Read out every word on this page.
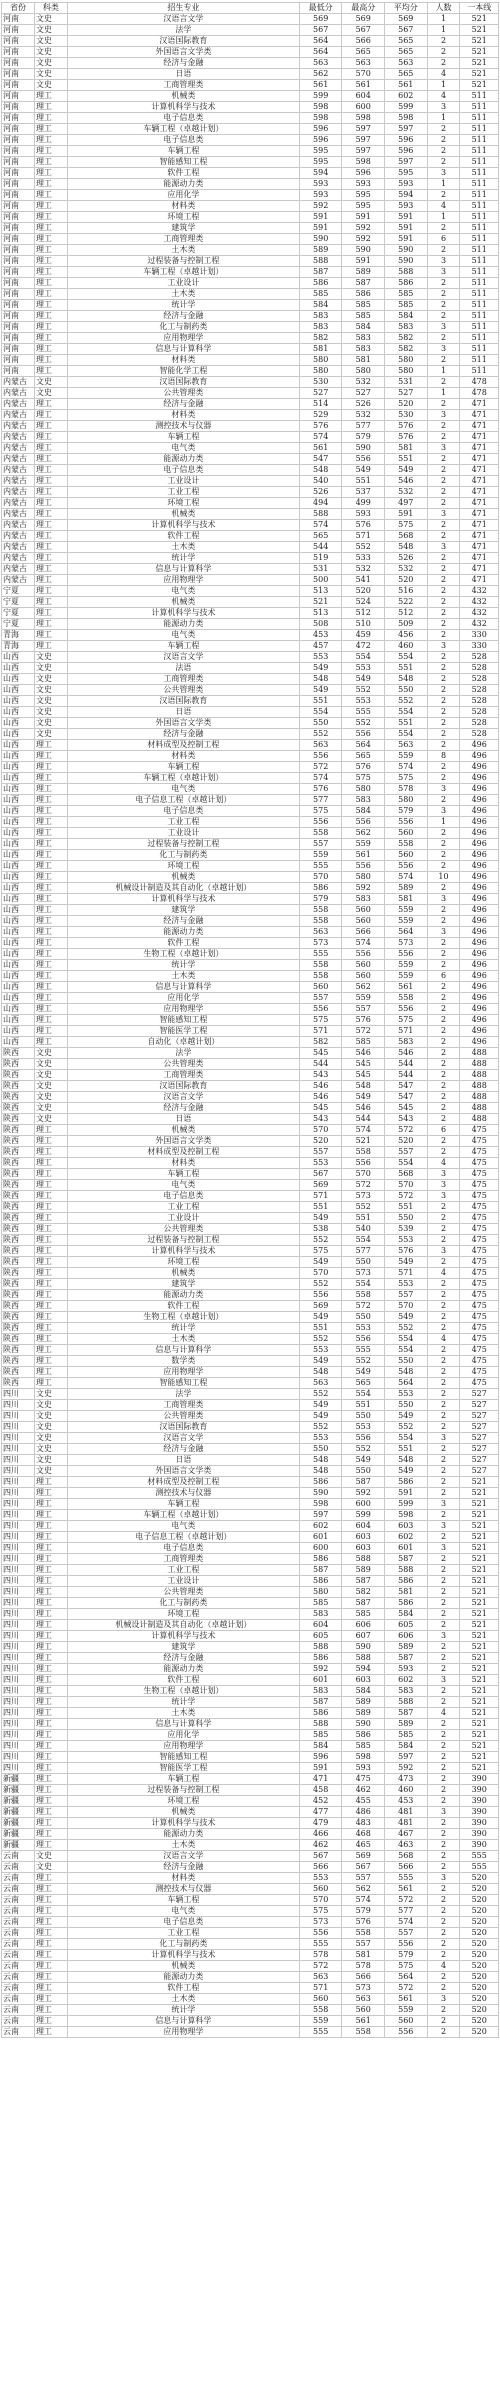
省份	科类	招生专业	最低分	最高分	平均分	人数	一本线
河南	文史	汉语言文学	569	569	569	1	521
河南	文史	法学	567	567	567	1	521
河南	文史	汉语国际教育	564	566	565	2	521
河南	文史	外国语言文学类	564	565	565	2	521
河南	文史	经济与金融	563	563	563	2	521
河南	文史	日语	562	570	565	4	521
河南	文史	工商管理类	561	561	561	1	521
河南	理工	机械类	599	604	602	4	511
河南	理工	计算机科学与技术	598	600	599	3	511
河南	理工	电子信息类	598	598	598	1	511
河南	理工	车辆工程（卓越计划）	596	597	597	2	511
河南	理工	电子信息类	596	597	596	2	511
河南	理工	车辆工程	595	597	596	2	511
河南	理工	智能感知工程	595	598	597	2	511
河南	理工	软件工程	594	596	595	3	511
河南	理工	能源动力类	593	593	593	1	511
河南	理工	应用化学	593	595	594	2	511
河南	理工	材料类	592	595	593	4	511
河南	理工	环境工程	591	591	591	1	511
河南	理工	建筑学	591	592	591	2	511
河南	理工	工商管理类	590	592	591	6	511
河南	理工	土木类	589	590	590	2	511
河南	理工	过程装备与控制工程	588	591	590	3	511
河南	理工	车辆工程（卓越计划）	587	589	588	3	511
河南	理工	工业设计	586	587	586	2	511
河南	理工	土木类	585	586	585	2	511
河南	理工	统计学	584	585	585	2	511
河南	理工	经济与金融	583	585	584	2	511
河南	理工	化工与制药类	583	584	583	3	511
河南	理工	应用物理学	582	583	582	2	511
河南	理工	信息与计算科学	581	583	582	3	511
河南	理工	材料类	580	581	580	2	511
河南	理工	智能化学工程	580	580	580	1	511
内蒙古	文史	汉语国际教育	530	532	531	2	478
内蒙古	文史	公共管理类	527	527	527	1	478
内蒙古	理工	经济与金融	514	526	520	2	471
内蒙古	理工	材料类	529	532	530	3	471
内蒙古	理工	测控技术与仪器	576	577	576	2	471
内蒙古	理工	车辆工程	574	579	576	2	471
内蒙古	理工	电气类	561	590	581	3	471
内蒙古	理工	能源动力类	547	556	551	2	471
内蒙古	理工	电子信息类	548	549	549	2	471
内蒙古	理工	工业设计	540	551	546	2	471
内蒙古	理工	工业工程	526	537	532	2	471
内蒙古	理工	环境工程	494	499	497	2	471
内蒙古	理工	机械类	588	593	591	3	471
内蒙古	理工	计算机科学与技术	574	576	575	2	471
内蒙古	理工	软件工程	565	571	568	2	471
内蒙古	理工	土木类	544	552	548	3	471
内蒙古	理工	统计学	519	533	526	2	471
内蒙古	理工	信息与计算科学	531	532	532	2	471
内蒙古	理工	应用物理学	500	541	520	2	471
宁夏	理工	电气类	513	520	516	2	432
宁夏	理工	机械类	521	524	522	2	432
宁夏	理工	计算机科学与技术	513	512	512	2	432
宁夏	理工	能源动力类	508	510	509	2	432
青海	理工	电气类	453	459	456	2	330
青海	理工	车辆工程	457	472	460	3	330
山西	文史	汉语言文学	553	554	554	2	528
山西	文史	法语	549	553	551	2	528
山西	文史	工商管理类	548	549	548	2	528
山西	文史	公共管理类	549	552	550	2	528
山西	文史	汉语国际教育	551	553	552	2	528
山西	文史	日语	554	555	554	2	528
山西	文史	外国语言文学类	550	552	551	2	528
山西	文史	经济与金融	552	556	554	2	528
山西	理工	材料成型及控制工程	563	564	563	2	496
山西	理工	材料类	556	565	559	8	496
山西	理工	车辆工程	572	576	574	2	496
山西	理工	车辆工程（卓越计划）	574	575	575	2	496
山西	理工	电气类	576	580	578	3	496
山西	理工	电子信息工程（卓越计划）	577	583	580	2	496
山西	理工	电子信息类	575	584	579	3	496
山西	理工	工业工程	556	556	556	1	496
山西	理工	工业设计	558	562	560	2	496
山西	理工	过程装备与控制工程	557	559	558	2	496
山西	理工	化工与制药类	559	561	560	2	496
山西	理工	环境工程	555	556	556	2	496
山西	理工	机械类	570	580	574	10	496
山西	理工	机械设计制造及其自动化（卓越计划）	586	592	589	2	496
山西	理工	计算机科学与技术	579	583	581	3	496
山西	理工	建筑学	558	560	559	2	496
山西	理工	经济与金融	558	560	559	2	496
山西	理工	能源动力类	563	566	564	3	496
山西	理工	软件工程	573	574	573	2	496
山西	理工	生物工程（卓越计划）	555	556	556	2	496
山西	理工	统计学	558	560	559	2	496
山西	理工	土木类	558	560	559	6	496
山西	理工	信息与计算科学	560	562	561	2	496
山西	理工	应用化学	557	559	558	2	496
山西	理工	应用物理学	556	557	556	2	496
山西	理工	智能感知工程	575	576	575	2	496
山西	理工	智能医学工程	571	572	571	2	496
山西	理工	自动化（卓越计划）	582	585	583	2	496
陕西	文史	法学	545	546	546	2	488
陕西	文史	公共管理类	544	545	544	2	488
陕西	文史	工商管理类	543	545	544	2	488
陕西	文史	汉语国际教育	546	548	547	2	488
陕西	文史	汉语言文学	546	549	547	2	488
陕西	文史	经济与金融	545	546	545	2	488
陕西	文史	日语	543	544	543	2	488
陕西	理工	机械类	570	574	572	6	475
陕西	理工	外国语言文学类	520	521	520	2	475
陕西	理工	材料成型及控制工程	557	558	557	2	475
陕西	理工	材料类	553	556	554	4	475
陕西	理工	车辆工程	567	570	568	3	475
陕西	理工	电气类	569	572	570	3	475
陕西	理工	电子信息类	571	573	572	3	475
陕西	理工	工业工程	551	552	551	2	475
陕西	理工	工业设计	549	551	550	2	475
陕西	理工	公共管理类	538	540	539	2	475
陕西	理工	过程装备与控制工程	552	554	553	2	475
陕西	理工	计算机科学与技术	575	577	576	3	475
陕西	理工	环境工程	549	550	549	2	475
陕西	理工	机械类	570	573	571	4	475
陕西	理工	建筑学	552	554	553	2	475
陕西	理工	能源动力类	556	558	557	2	475
陕西	理工	软件工程	569	572	570	2	475
陕西	理工	生物工程（卓越计划）	549	550	549	2	475
陕西	理工	统计学	551	553	552	2	475
陕西	理工	土木类	552	556	554	4	475
陕西	理工	信息与计算科学	553	555	554	2	475
陕西	理工	数学类	549	552	550	2	475
陕西	理工	应用物理学	548	549	548	2	475
陕西	理工	智能感知工程	563	565	564	2	475
四川	文史	法学	552	554	553	2	527
四川	文史	工商管理类	549	551	550	2	527
四川	文史	公共管理类	549	550	549	2	527
四川	文史	汉语国际教育	552	553	552	2	527
四川	文史	汉语言文学	553	556	554	3	527
四川	文史	经济与金融	550	552	551	2	527
四川	文史	日语	548	549	548	2	527
四川	文史	外国语言文学类	548	550	549	2	527
四川	理工	材料成型及控制工程	586	587	586	2	521
四川	理工	测控技术与仪器	590	592	591	2	521
四川	理工	车辆工程	598	600	599	3	521
四川	理工	车辆工程（卓越计划）	597	599	598	2	521
四川	理工	电气类	602	604	603	3	521
四川	理工	电子信息工程（卓越计划）	601	603	602	2	521
四川	理工	电子信息类	600	603	601	3	521
四川	理工	工商管理类	586	588	587	2	521
四川	理工	工业工程	587	589	588	2	521
四川	理工	工业设计	586	587	586	2	521
四川	理工	公共管理类	580	582	581	2	521
四川	理工	化工与制药类	585	587	586	2	521
四川	理工	环境工程	583	585	584	2	521
四川	理工	机械设计制造及其自动化（卓越计划）	604	606	605	2	521
四川	理工	计算机科学与技术	605	607	606	3	521
四川	理工	建筑学	588	590	589	2	521
四川	理工	经济与金融	586	588	587	2	521
四川	理工	能源动力类	592	594	593	2	521
四川	理工	软件工程	601	603	602	3	521
四川	理工	生物工程（卓越计划）	583	584	583	2	521
四川	理工	统计学	587	589	588	2	521
四川	理工	土木类	586	589	587	4	521
四川	理工	信息与计算科学	588	590	589	2	521
四川	理工	应用化学	585	586	585	2	521
四川	理工	应用物理学	584	585	584	2	521
四川	理工	智能感知工程	596	598	597	2	521
四川	理工	智能医学工程	591	593	592	2	521
新疆	理工	车辆工程	471	475	473	2	390
新疆	理工	过程装备与控制工程	458	462	460	2	390
新疆	理工	环境工程	452	455	453	2	390
新疆	理工	机械类	477	486	481	3	390
新疆	理工	计算机科学与技术	479	483	481	2	390
新疆	理工	能源动力类	466	468	467	2	390
新疆	理工	土木类	462	465	463	2	390
云南	文史	汉语言文学	567	569	568	2	555
云南	文史	经济与金融	566	567	566	2	555
云南	理工	材料类	553	557	555	3	520
云南	理工	测控技术与仪器	560	562	561	2	520
云南	理工	车辆工程	570	574	572	2	520
云南	理工	电气类	575	579	577	2	520
云南	理工	电子信息类	573	576	574	2	520
云南	理工	工业工程	556	558	557	2	520
云南	理工	化工与制药类	555	557	556	2	520
云南	理工	计算机科学与技术	578	581	579	2	520
云南	理工	机械类	572	578	575	4	520
云南	理工	能源动力类	563	566	564	2	520
云南	理工	软件工程	571	573	572	2	520
云南	理工	土木类	560	563	561	3	520
云南	理工	统计学	558	560	559	2	520
云南	理工	信息与计算科学	559	561	560	2	520
云南	理工	应用物理学	555	558	556	2	520
